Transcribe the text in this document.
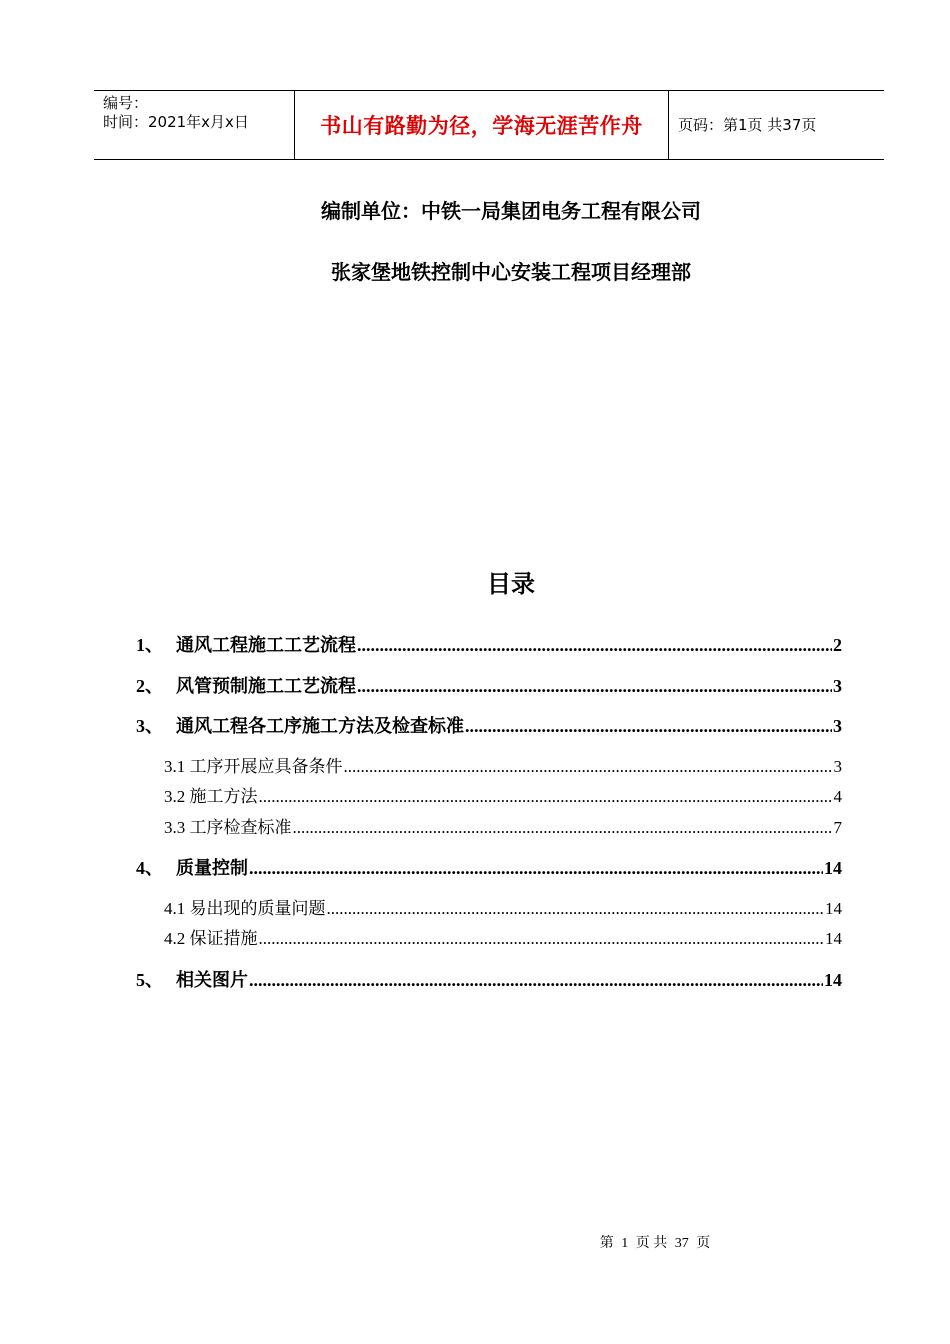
编号：
时间：2021年x月x日	书山有路勤为径，学海无涯苦作舟	页码：第1页 共37页
编制单位：中铁一局集团电务工程有限公司
张家堡地铁控制中心安装工程项目经理部
目录
1、 通风工程施工工艺流程 .....	2
2、 风管预制施工工艺流程 .....	3
3、 通风工程各工序施工方法及检查标准 .....	3
3.1 工序开展应具备条件 .....	3
3.2 施工方法 .....	4
3.3 工序检查标准 .....	7
4、 质量控制 .....	14
4.1 易出现的质量问题 .....	14
4.2 保证措施 .....	14
5、 相关图片 .....	14
第 1 页 共 37 页
